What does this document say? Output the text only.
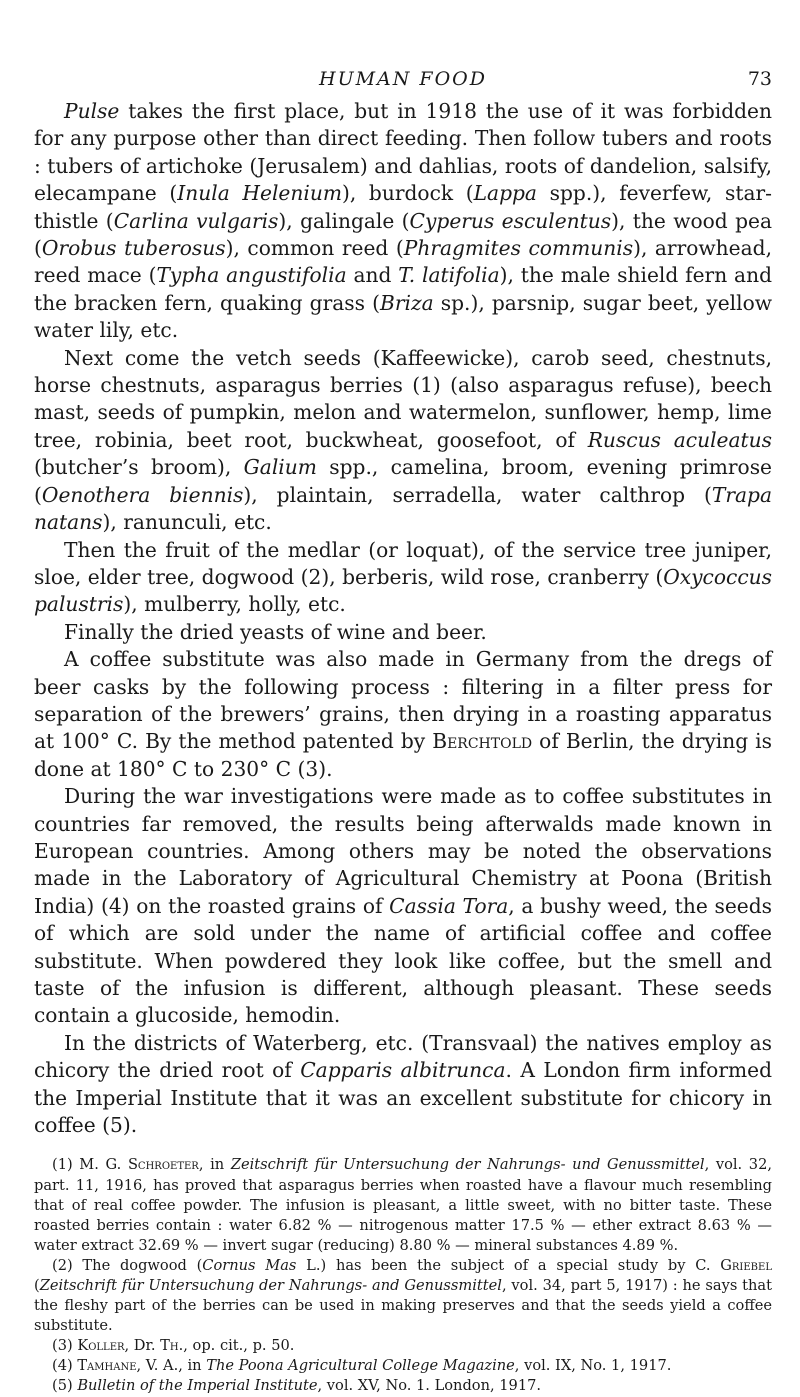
HUMAN FOOD	73

Pulse takes the first place, but in 1918 the use of it was forbidden for any purpose other than direct feeding. Then follow tubers and roots : tubers of artichoke (Jerusalem) and dahlias, roots of dandelion, salsify, elecampane (Inula Helenium), burdock (Lappa spp.), feverfew, star-thistle (Carlina vulgaris), galingale (Cyperus esculentus), the wood pea (Orobus tuberosus), common reed (Phragmites communis), arrowhead, reed mace (Typha angustifolia and T. latifolia), the male shield fern and the bracken fern, quaking grass (Briza sp.), parsnip, sugar beet, yellow water lily, etc.

Next come the vetch seeds (Kaffeewicke), carob seed, chestnuts, horse chestnuts, asparagus berries (1) (also asparagus refuse), beech mast, seeds of pumpkin, melon and watermelon, sunflower, hemp, lime tree, robinia, beet root, buckwheat, goosefoot, of Ruscus aculeatus (butcher’s broom), Galium spp., camelina, broom, evening primrose (Oenothera biennis), plaintain, serradella, water calthrop (Trapa natans), ranunculi, etc.

Then the fruit of the medlar (or loquat), of the service tree juniper, sloe, elder tree, dogwood (2), berberis, wild rose, cranberry (Oxycoccus palustris), mulberry, holly, etc.

Finally the dried yeasts of wine and beer.

A coffee substitute was also made in Germany from the dregs of beer casks by the following process : filtering in a filter press for separation of the brewers’ grains, then drying in a roasting apparatus at 100° C. By the method patented by Berchtold of Berlin, the drying is done at 180° C to 230° C (3).

During the war investigations were made as to coffee substitutes in countries far removed, the results being afterwalds made known in European countries. Among others may be noted the observations made in the Laboratory of Agricultural Chemistry at Poona (British India) (4) on the roasted grains of Cassia Tora, a bushy weed, the seeds of which are sold under the name of artificial coffee and coffee substitute. When powdered they look like coffee, but the smell and taste of the infusion is different, although pleasant. These seeds contain a glucoside, hemodin.

In the districts of Waterberg, etc. (Transvaal) the natives employ as chicory the dried root of Capparis albitrunca. A London firm informed the Imperial Institute that it was an excellent substitute for chicory in coffee (5).

(1) M. G. Schroeter, in Zeitschrift für Untersuchung der Nahrungs- und Genussmittel, vol. 32, part. 11, 1916, has proved that asparagus berries when roasted have a flavour much resembling that of real coffee powder. The infusion is pleasant, a little sweet, with no bitter taste. These roasted berries contain : water 6.82 % — nitrogenous matter 17.5 % — ether extract 8.63 % — water extract 32.69 % — invert sugar (reducing) 8.80 % — mineral substances 4.89 %.

(2) The dogwood (Cornus Mas L.) has been the subject of a special study by C. Griebel (Zeitschrift für Untersuchung der Nahrungs- and Genussmittel, vol. 34, part 5, 1917) : he says that the fleshy part of the berries can be used in making preserves and that the seeds yield a coffee substitute.

(3) Koller, Dr. Th., op. cit., p. 50.

(4) Tamhane, V. A., in The Poona Agricultural College Magazine, vol. IX, No. 1, 1917.

(5) Bulletin of the Imperial Institute, vol. XV, No. 1. London, 1917.
